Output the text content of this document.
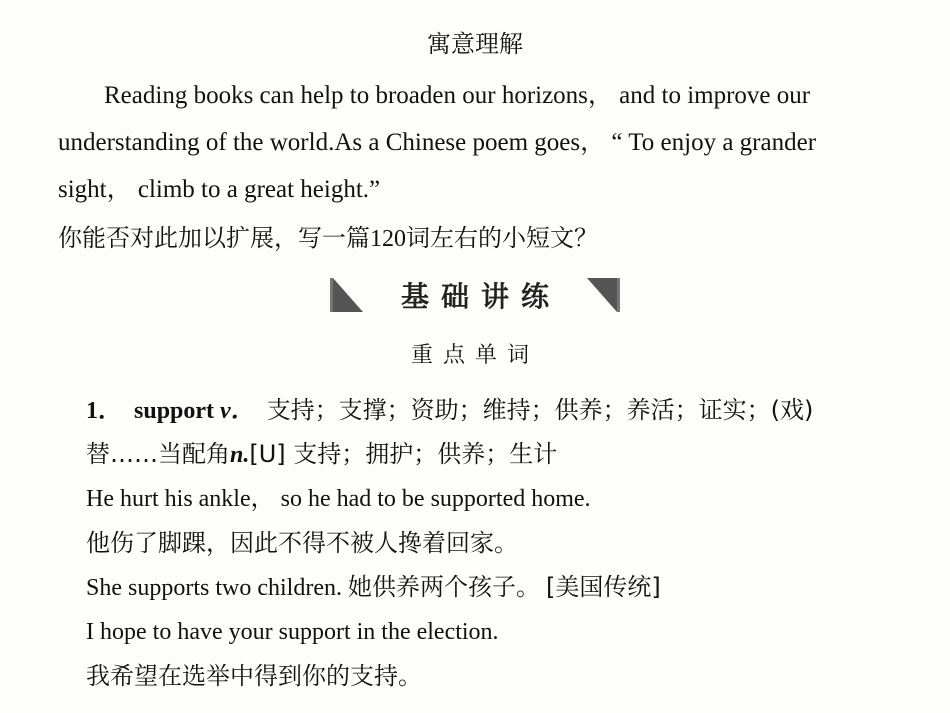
寓意理解
Reading books can help to broaden our horizons， and to improve our
understanding of the world.As a Chinese poem goes， “ To enjoy a grander
sight， climb to a great height.”
你能否对此加以扩展，写一篇120词左右的小短文？
基础讲练
重点单词
1． support v． 支持；支撑；资助；维持；供养；养活；证实；(戏)
替……当配角n.[U] 支持；拥护；供养；生计
He hurt his ankle， so he had to be supported home.
他伤了脚踝，因此不得不被人搀着回家。
She supports two children. 她供养两个孩子。 [美国传统]
I hope to have your support in the election.
我希望在选举中得到你的支持。
